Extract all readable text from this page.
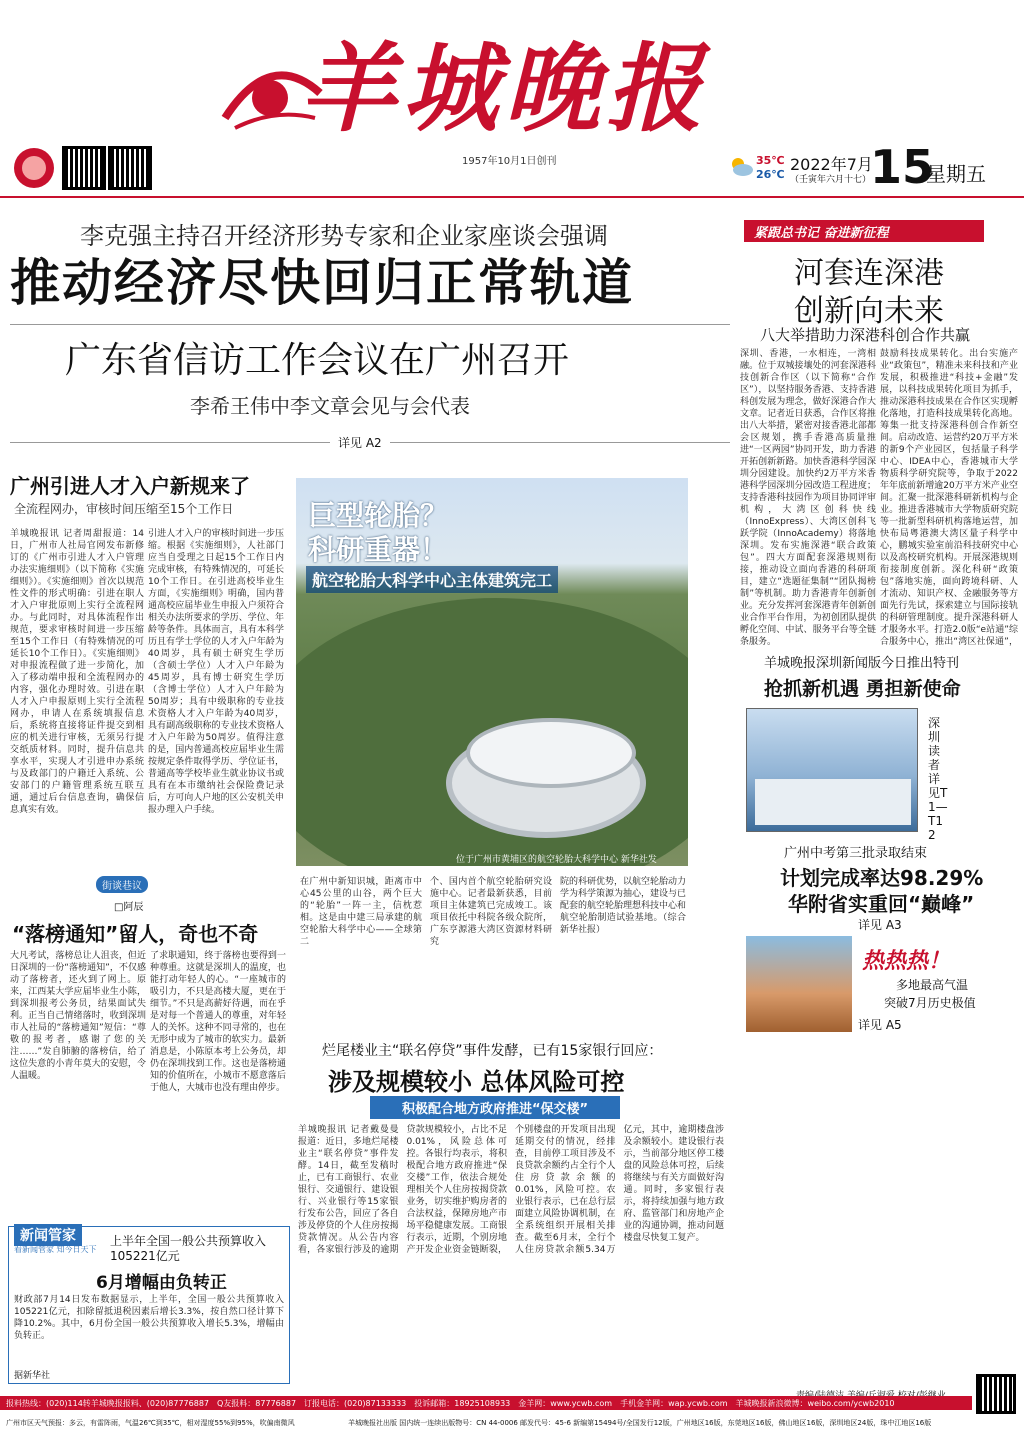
羊城晚报
1957年10月1日创刊	35℃
26℃
2022年7月
（壬寅年六月十七）
15
星期五
李克强主持召开经济形势专家和企业家座谈会强调
推动经济尽快回归正常轨道
广东省信访工作会议在广州召开
李希王伟中李文章会见与会代表
详见 A2
广州引进人才入户新规来了
全流程网办，审核时间压缩至15个工作日
羊城晚报讯 记者周甜报道：14日，广州市人社局官网发布新修订的《广州市引进人才入户管理办法实施细则》（以下简称《实施细则》）。《实施细则》首次以规范性文件的形式明确：引进在职人才入户审批原则上实行全流程网办。与此同时，对具体流程作出规范，要求审核时间进一步压缩至15个工作日（有特殊情况的可延长10个工作日）。《实施细则》对申报流程做了进一步简化，加入了移动端申报和全流程网办的内容，强化办理时效。引进在职人才入户申报原则上实行全流程网办，申请人在系统填报信息后，系统将直接将证件提交到相应的机关进行审核，无须另行提交纸质材料。同时，提升信息共享水平，实现人才引进申办系统与及政部门的户籍迁入系统、公安部门的户籍管理系统互联互通，通过后台信息查询，确保信息真实有效。
引进人才入户的审核时间进一步压缩。根据《实施细则》，人社部门应当自受理之日起15个工作日内完成审核，有特殊情况的，可延长10个工作日。在引进高校毕业生方面，《实施细则》明确，国内普通高校应届毕业生申报入户须符合相关办法所要求的学历、学位、年龄等条件。具体而言，具有本科学历且有学士学位的人才入户年龄为40周岁，具有硕士研究生学历（含硕士学位）人才入户年龄为45周岁，具有博士研究生学历（含博士学位）人才入户年龄为50周岁；具有中级职称的专业技术资格人才入户年龄为40周岁，具有副高级职称的专业技术资格人才入户年龄为50周岁。值得注意的是，国内普通高校应届毕业生需按规定条件取得学历、学位证书，普通高等学校毕业生就业协议书或具有在本市缴纳社会保险费记录后，方可向人户地的区公安机关申报办理入户手续。
巨型轮胎？
科研重器！
航空轮胎大科学中心主体建筑完工
位于广州市黄埔区的航空轮胎大科学中心 新华社发
在广州中新知识城，距离市中心45公里的山谷，两个巨大的“轮胎”一阵一主，信枕惹相。这是由中建三局承建的航空轮胎大科学中心——全球第二
个、国内首个航空轮胎研究设施中心。记者最新获悉，目前项目主体建筑已完成竣工。该项目依托中科院各级众院所，广东亨源港大湾区资源材料研究
院的科研优势，以航空轮胎动力学为科学策源为抽心，建设与已配套的航空轮胎理想科技中心和航空轮胎制造试验基地。（综合新华社报）
街谈巷议
□阿辰
“落榜通知”留人，奇也不奇
大凡考试，落榜总让人沮丧，但近日深圳的一份“落榜通知”，不仅感动了落榜者，还火到了网上。原来，江西某大学应届毕业生小陈，到深圳报考公务员，结果面试失利。正当自己情绪落时，收到深圳市人社局的“落榜通知”短信：“尊敬的报考者，感谢了您的关注……”发自肺腑的落榜信，给了这位失意的小青年莫大的安慰，令人温暖。
了求职通知，终于落榜也要得到一种尊重。这就是深圳人的温度，也能打动年轻人的心。“一座城市的吸引力，不只是高楼大厦，更在于细节。”不只是高薪好待遇，而在乎是对每一个普通人的尊重，对年轻人的关怀。这种不同寻常的，也在无形中成为了城市的软实力。最新消息是，小陈原本考上公务员，却仍在深圳找到工作。这也是落榜通知的价值所在，小城市不愿意落后于他人，大城市也没有理由停步。
新闻管家
看新闻管家 知今日天下
上半年全国一般公共预算收入105221亿元
6月增幅由负转正
财政部7月14日发布数据显示，上半年，全国一般公共预算收入105221亿元，扣除留抵退税因素后增长3.3%，按自然口径计算下降10.2%。其中，6月份全国一般公共预算收入增长5.3%，增幅由负转正。
据新华社
烂尾楼业主“联名停贷”事件发酵，已有15家银行回应：
涉及规模较小 总体风险可控
积极配合地方政府推进“保交楼”
羊城晚报讯 记者戴曼曼报道：近日，多地烂尾楼业主“联名停贷”事件发酵。14日，截至发稿时止，已有工商银行、农业银行、交通银行、建设银行、兴业银行等15家银行发布公告，回应了各自涉及停贷的个人住房按揭贷款情况。从公告内容看，各家银行涉及的逾期贷款规模较小，占比不足0.01%，风险总体可控。各银行均表示，将积极配合地方政府推进“保交楼”工作，依法合规处理相关个人住房按揭贷款业务，切实维护购房者的合法权益，保障房地产市场平稳健康发展。工商银行表示，近期，个别房地产开发企业资金链断裂，个别楼盘的开发项目出现延期交付的情况，经排查，目前停工项目涉及不良贷款余额约占全行个人住房贷款余额的0.01%，风险可控。农业银行表示，已在总行层面建立风险协调机制，在全系统组织开展相关排查。截至6月末，全行个人住房贷款余额5.34万亿元，其中，逾期楼盘涉及余额较小。建设银行表示，当前部分地区停工楼盘的风险总体可控，后续将继续与有关方面做好沟通。同时，多家银行表示，将持续加强与地方政府、监管部门和房地产企业的沟通协调，推动问题楼盘尽快复工复产。
紧跟总书记 奋进新征程
河套连深港
创新向未来
八大举措助力深港科创合作共赢
深圳、香港，一水相连，一湾相融。位于双城接壤处的河套深港科技创新合作区（以下简称“合作区”），以坚持服务香港、支持香港科创发展为理念，做好深港合作大文章。记者近日获悉，合作区将推出八大举措，紧密对接香港北部都会区规划，携手香港高质量推进“一区两园”协同开发，助力香港开拓创新新路。加快香港科学园深圳分园建设。加快约2万平方米香港科学园深圳分园改造工程进度；支持香港科技园作为项目协同评审机构，大湾区创科快线（InnoExpress）、大湾区创科飞跃学院（InnoAcademy）将落地深圳。发布实施深港“联合政策包”。四大方面配套深港规则衔接，推动设立面向香港的科研项目，建立“选题征集制”“团队揭榜制”等机制。助力香港青年创新创业。充分发挥河套深港青年创新创业合作平台作用，为初创团队提供孵化空间、中试、服务平台等全链条服务。
鼓励科技成果转化。出台实施产业“政策包”，精准未来科技和产业发展，积极推进“科技+金融”发展，以科技成果转化项目为抓手，推动深港科技成果在合作区实现孵化落地，打造科技成果转化高地。筹集一批支持深港科创合作新空间。启动改造、运营约20万平方米的新9个产业园区，包括量子科学中心、IDEA中心，香港城市大学物质科学研究院等，争取于2022年年底前新增逾20万平方米产业空间。汇聚一批深港科研新机构与企业。推进香港城市大学物质研究院等一批新型科研机构落地运营，加快布局粤港澳大湾区量子科学中心，鹏城实验室前沿科技研究中心以及高校研究机构。开展深港规则衔接制度创新。深化科研“政策包”落地实施，面向跨境科研、人才流动、知识产权、金融服务等方面先行先试，探索建立与国际接轨的科研管理制度。提升深港科研人才服务水平。打造2.0版“e站通”综合服务中心，推出“湾区社保通”，
羊城晚报深圳新闻版今日推出特刊
抢抓新机遇 勇担新使命
深圳读者详见T1—T12
广州中考第三批录取结束
计划完成率达98.29%
华附省实重回“巅峰”
详见 A3
热热热！
多地最高气温
突破7月历史极值
详见 A5
报料热线：(020)114转羊城晚报报料、(020)87776887 Q友报料：87776887 订报电话：(020)87133333 投诉邮箱：18925108933 金羊网：www.ycwb.com 手机金羊网：wap.ycwb.com 羊城晚报新浪微博：weibo.com/ycwb2010
广州市区天气预报：多云，有雷阵雨，气温26℃到35℃，相对湿度55%到95%，吹偏南微风	羊城晚报社出版 国内统一连续出版物号：CN 44-0006 邮发代号：45-6 新编第15494号/全国发行12版，广州地区16版，东莞地区16版，佛山地区16版，深圳地区24版，珠中江地区16版
